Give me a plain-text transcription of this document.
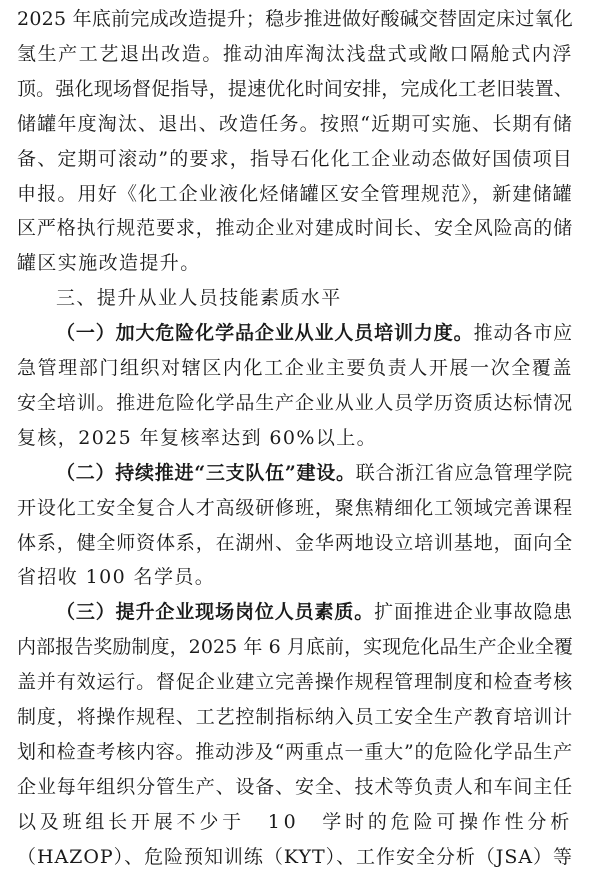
2025 年底前完成改造提升；稳步推进做好酸碱交替固定床过氧化
氢生产工艺退出改造。推动油库淘汰浅盘式或敞口隔舱式内浮
顶。强化现场督促指导，提速优化时间安排，完成化工老旧装置、
储罐年度淘汰、退出、改造任务。按照“近期可实施、长期有储
备、定期可滚动”的要求，指导石化化工企业动态做好国债项目
申报。用好《化工企业液化烃储罐区安全管理规范》，新建储罐
区严格执行规范要求，推动企业对建成时间长、安全风险高的储
罐区实施改造提升。
三、提升从业人员技能素质水平
（一）加大危险化学品企业从业人员培训力度。推动各市应
急管理部门组织对辖区内化工企业主要负责人开展一次全覆盖
安全培训。推进危险化学品生产企业从业人员学历资质达标情况
复核，2025 年复核率达到 60%以上。
（二）持续推进“三支队伍”建设。联合浙江省应急管理学院
开设化工安全复合人才高级研修班，聚焦精细化工领域完善课程
体系，健全师资体系，在湖州、金华两地设立培训基地，面向全
省招收 100 名学员。
（三）提升企业现场岗位人员素质。扩面推进企业事故隐患
内部报告奖励制度，2025 年 6 月底前，实现危化品生产企业全覆
盖并有效运行。督促企业建立完善操作规程管理制度和检查考核
制度，将操作规程、工艺控制指标纳入员工安全生产教育培训计
划和检查考核内容。推动涉及“两重点一重大”的危险化学品生产
企业每年组织分管生产、设备、安全、技术等负责人和车间主任
以及班组长开展不少于　10　学时的危险可操作性分析
（HAZOP）、危险预知训练（KYT）、工作安全分析（JSA）等
